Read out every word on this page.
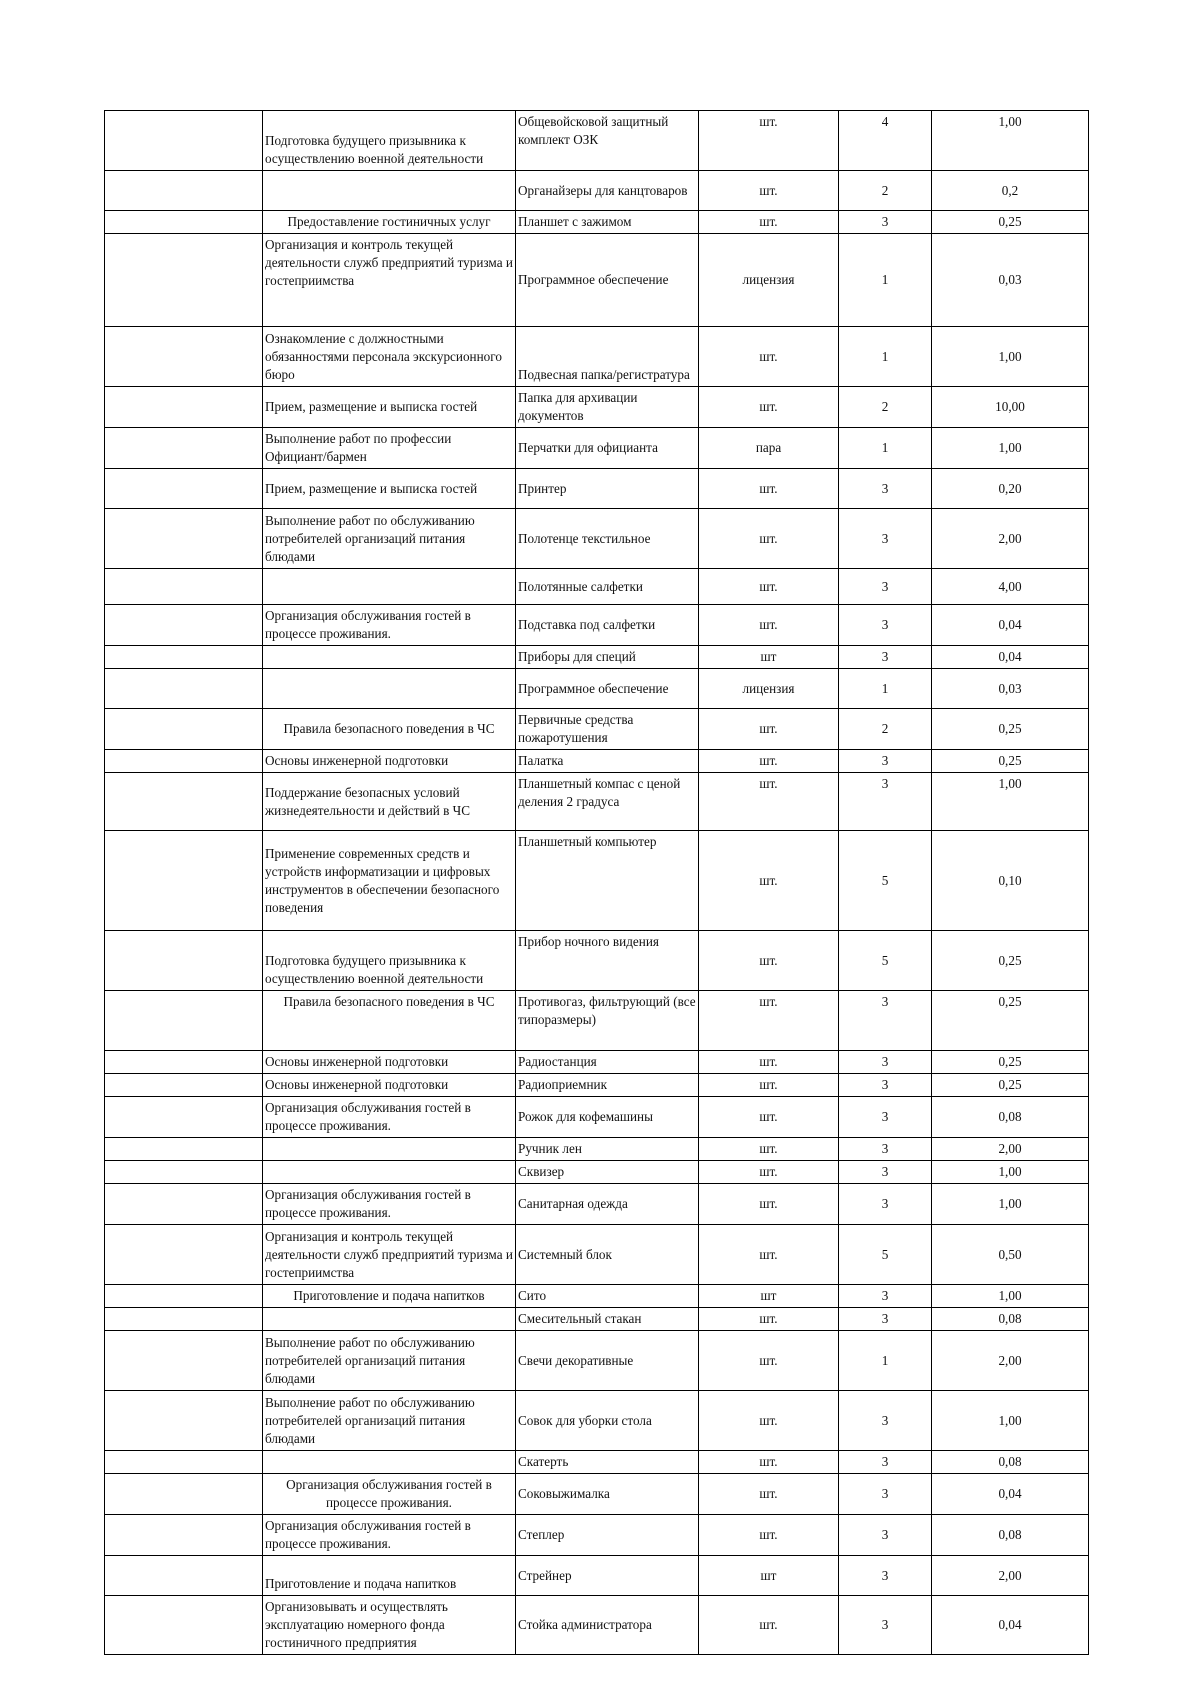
	Подготовка будущего призывника к осуществлению военной деятельности	Общевойсковой защитный комплект ОЗК	шт.	4	1,00
		Органайзеры для канцтоваров	шт.	2	0,2
	Предоставление гостиничных услуг	Планшет с зажимом	шт.	3	0,25
	Организация и контроль текущей деятельности служб предприятий туризма и гостеприимства	Программное обеспечение	лицензия	1	0,03
	Ознакомление с должностными обязанностями персонала экскурсионного бюро	Подвесная папка/регистратура	шт.	1	1,00
	Прием, размещение и выписка гостей	Папка для архивации документов	шт.	2	10,00
	Выполнение работ по профессии Официант/бармен	Перчатки для официанта	пара	1	1,00
	Прием, размещение и выписка гостей	Принтер	шт.	3	0,20
	Выполнение работ по обслуживанию потребителей организаций питания блюдами	Полотенце текстильное	шт.	3	2,00
		Полотянные салфетки	шт.	3	4,00
	Организация обслуживания гостей в процессе проживания.	Подставка под салфетки	шт.	3	0,04
		Приборы для специй	шт	3	0,04
		Программное обеспечение	лицензия	1	0,03
	Правила безопасного поведения в ЧС	Первичные средства пожаротушения	шт.	2	0,25
	Основы инженерной подготовки	Палатка	шт.	3	0,25
	Поддержание безопасных условий жизнедеятельности и действий в ЧС	Планшетный компас с ценой деления 2 градуса	шт.	3	1,00
	Применение современных средств и устройств информатизации и цифровых инструментов в обеспечении безопасного поведения	Планшетный компьютер	шт.	5	0,10
	Подготовка будущего призывника к осуществлению военной деятельности	Прибор ночного видения	шт.	5	0,25
	Правила безопасного поведения в ЧС	Противогаз, фильтрующий (все типоразмеры)	шт.	3	0,25
	Основы инженерной подготовки	Радиостанция	шт.	3	0,25
	Основы инженерной подготовки	Радиоприемник	шт.	3	0,25
	Организация обслуживания гостей в процессе проживания.	Рожок для кофемашины	шт.	3	0,08
		Ручник лен	шт.	3	2,00
		Сквизер	шт.	3	1,00
	Организация обслуживания гостей в процессе проживания.	Санитарная одежда	шт.	3	1,00
	Организация и контроль текущей деятельности служб предприятий туризма и гостеприимства	Системный блок	шт.	5	0,50
	Приготовление и подача напитков	Сито	шт	3	1,00
		Смесительный стакан	шт.	3	0,08
	Выполнение работ по обслуживанию потребителей организаций питания блюдами	Свечи декоративные	шт.	1	2,00
	Выполнение работ по обслуживанию потребителей организаций питания блюдами	Совок для уборки стола	шт.	3	1,00
		Скатерть	шт.	3	0,08
	Организация обслуживания гостей в процессе проживания.	Соковыжималка	шт.	3	0,04
	Организация обслуживания гостей в процессе проживания.	Степлер	шт.	3	0,08
	Приготовление и подача напитков	Стрейнер	шт	3	2,00
	Организовывать и осуществлять эксплуатацию номерного фонда гостиничного предприятия	Стойка администратора	шт.	3	0,04
